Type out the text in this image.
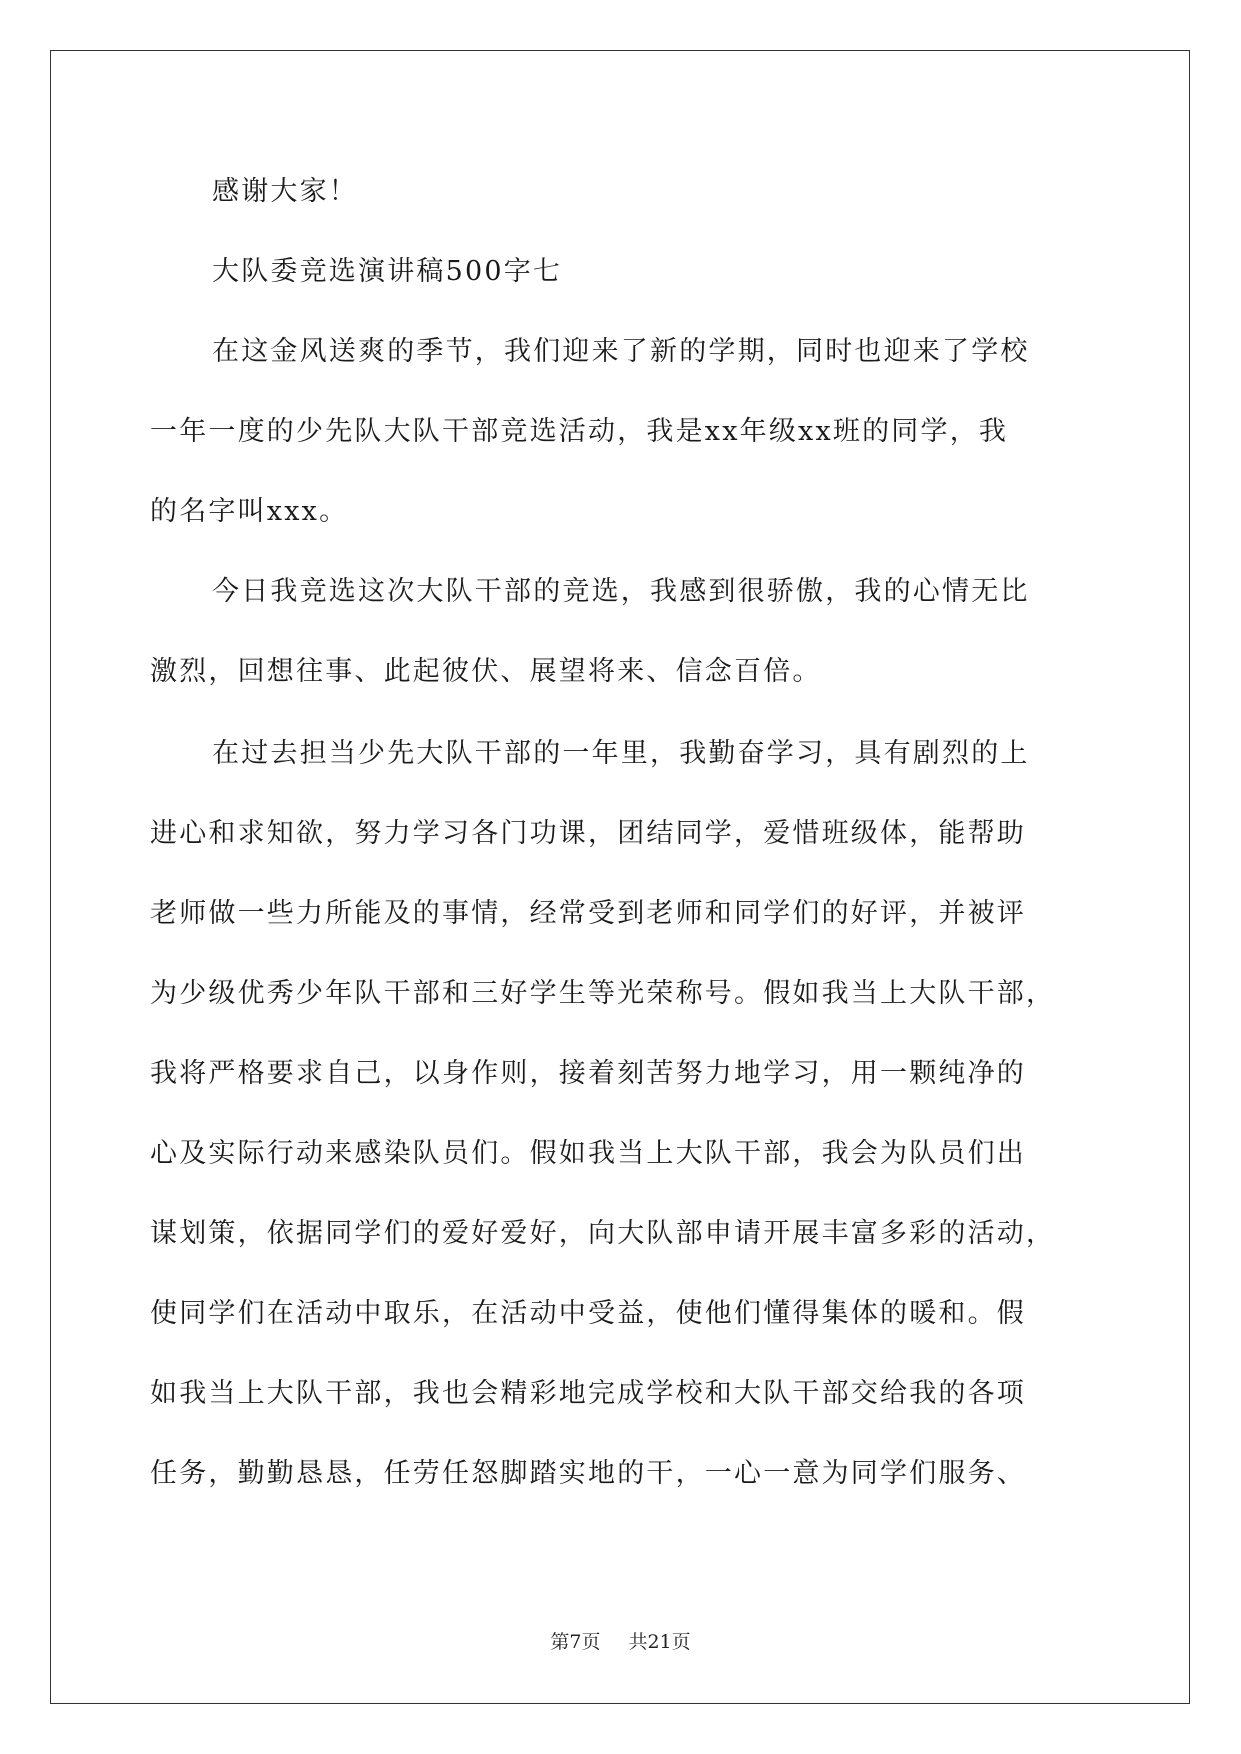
感谢大家！
大队委竞选演讲稿500字七
在这金风送爽的季节，我们迎来了新的学期，同时也迎来了学校
一年一度的少先队大队干部竞选活动，我是xx年级xx班的同学，我
的名字叫xxx。
今日我竞选这次大队干部的竞选，我感到很骄傲，我的心情无比
激烈，回想往事、此起彼伏、展望将来、信念百倍。
在过去担当少先大队干部的一年里，我勤奋学习，具有剧烈的上
进心和求知欲，努力学习各门功课，团结同学，爱惜班级体，能帮助
老师做一些力所能及的事情，经常受到老师和同学们的好评，并被评
为少级优秀少年队干部和三好学生等光荣称号。假如我当上大队干部，
我将严格要求自己，以身作则，接着刻苦努力地学习，用一颗纯净的
心及实际行动来感染队员们。假如我当上大队干部，我会为队员们出
谋划策，依据同学们的爱好爱好，向大队部申请开展丰富多彩的活动，
使同学们在活动中取乐，在活动中受益，使他们懂得集体的暖和。假
如我当上大队干部，我也会精彩地完成学校和大队干部交给我的各项
任务，勤勤恳恳，任劳任怒脚踏实地的干，一心一意为同学们服务、
第7页 共21页
